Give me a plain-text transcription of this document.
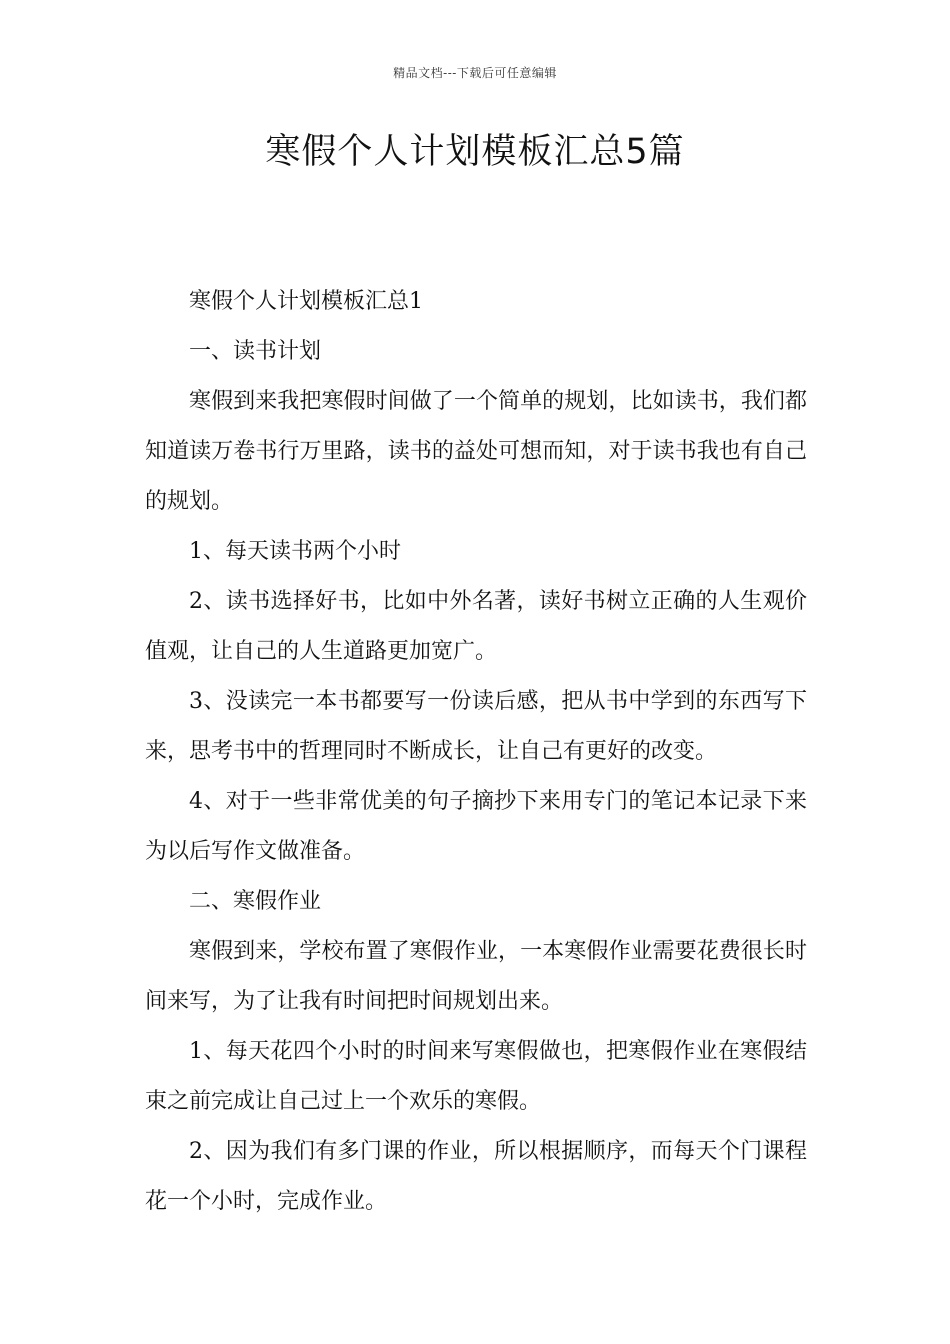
精品文档---下载后可任意编辑
寒假个人计划模板汇总5篇

寒假个人计划模板汇总1

一、读书计划

寒假到来我把寒假时间做了一个简单的规划，比如读书，我们都知道读万卷书行万里路，读书的益处可想而知，对于读书我也有自己的规划。

1、每天读书两个小时

2、读书选择好书，比如中外名著，读好书树立正确的人生观价值观，让自己的人生道路更加宽广。

3、没读完一本书都要写一份读后感，把从书中学到的东西写下来，思考书中的哲理同时不断成长，让自己有更好的改变。

4、对于一些非常优美的句子摘抄下来用专门的笔记本记录下来为以后写作文做准备。

二、寒假作业

寒假到来，学校布置了寒假作业，一本寒假作业需要花费很长时间来写，为了让我有时间把时间规划出来。

1、每天花四个小时的时间来写寒假做也，把寒假作业在寒假结束之前完成让自己过上一个欢乐的寒假。

2、因为我们有多门课的作业，所以根据顺序，而每天个门课程花一个小时，完成作业。
